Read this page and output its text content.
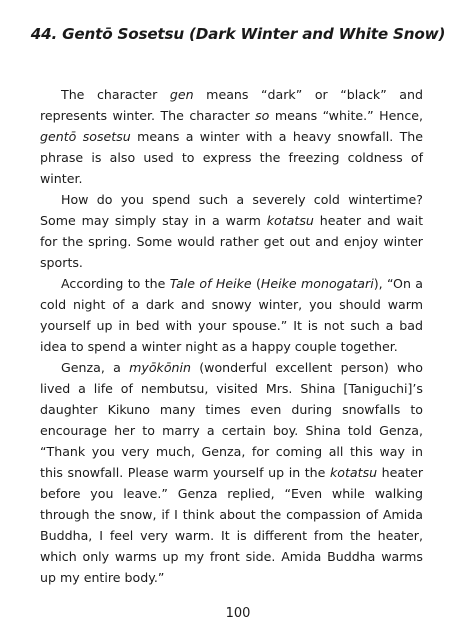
44. Gentō Sosetsu (Dark Winter and White Snow)

The character gen means “dark” or “black” and represents winter. The character so means “white.” Hence, gentō sosetsu means a winter with a heavy snowfall. The phrase is also used to express the freezing coldness of winter.

How do you spend such a severely cold wintertime? Some may simply stay in a warm kotatsu heater and wait for the spring. Some would rather get out and enjoy winter sports.

According to the Tale of Heike (Heike monogatari), “On a cold night of a dark and snowy winter, you should warm yourself up in bed with your spouse.” It is not such a bad idea to spend a winter night as a happy couple together.

Genza, a myōkōnin (wonderful excellent person) who lived a life of nembutsu, visited Mrs. Shina [Taniguchi]’s daughter Kikuno many times even during snowfalls to encourage her to marry a certain boy. Shina told Genza, “Thank you very much, Genza, for coming all this way in this snowfall. Please warm yourself up in the kotatsu heater before you leave.” Genza replied, “Even while walking through the snow, if I think about the compassion of Amida Buddha, I feel very warm. It is different from the heater, which only warms up my front side. Amida Buddha warms up my entire body.”

100
